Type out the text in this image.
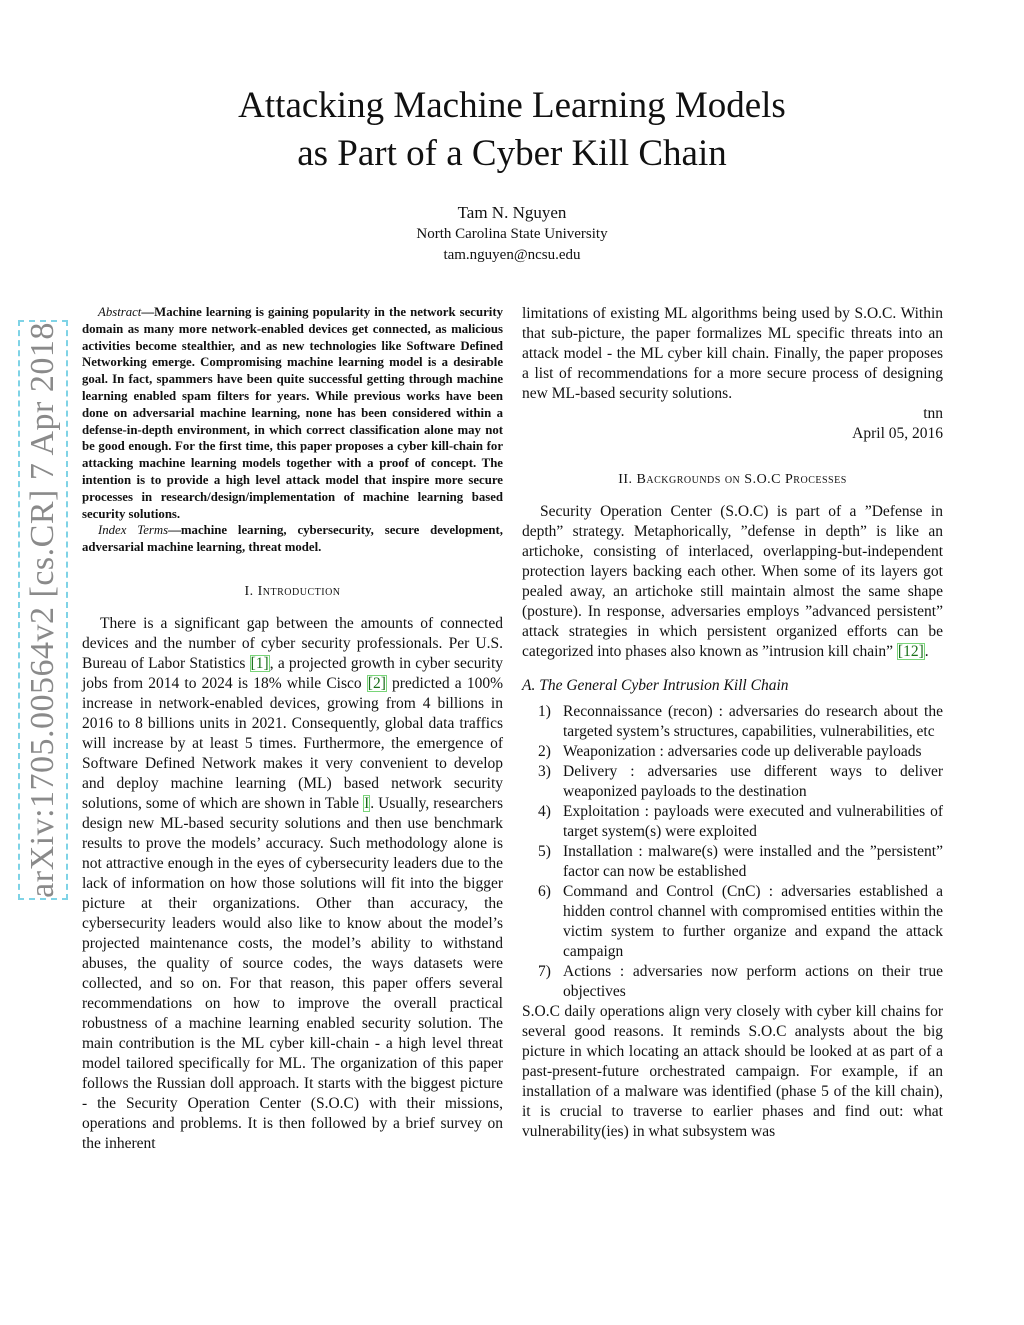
arXiv:1705.00564v2 [cs.CR] 7 Apr 2018
Attacking Machine Learning Models
as Part of a Cyber Kill Chain
Tam N. Nguyen
North Carolina State University
tam.nguyen@ncsu.edu

Abstract—Machine learning is gaining popularity in the network security domain as many more network-enabled devices get connected, as malicious activities become stealthier, and as new technologies like Software Defined Networking emerge. Compromising machine learning model is a desirable goal. In fact, spammers have been quite successful getting through machine learning enabled spam filters for years. While previous works have been done on adversarial machine learning, none has been considered within a defense-in-depth environment, in which correct classification alone may not be good enough. For the first time, this paper proposes a cyber kill-chain for attacking machine learning models together with a proof of concept. The intention is to provide a high level attack model that inspire more secure processes in research/design/implementation of machine learning based security solutions.

Index Terms—machine learning, cybersecurity, secure development, adversarial machine learning, threat model.

I. Introduction

There is a significant gap between the amounts of connected devices and the number of cyber security professionals. Per U.S. Bureau of Labor Statistics [1], a projected growth in cyber security jobs from 2014 to 2024 is 18% while Cisco [2] predicted a 100% increase in network-enabled devices, growing from 4 billions in 2016 to 8 billions units in 2021. Consequently, global data traffics will increase by at least 5 times. Furthermore, the emergence of Software Defined Network makes it very convenient to develop and deploy machine learning (ML) based network security solutions, some of which are shown in Table I. Usually, researchers design new ML-based security solutions and then use benchmark results to prove the models’ accuracy. Such methodology alone is not attractive enough in the eyes of cybersecurity leaders due to the lack of information on how those solutions will fit into the bigger picture at their organizations. Other than accuracy, the cybersecurity leaders would also like to know about the model’s projected maintenance costs, the model’s ability to withstand abuses, the quality of source codes, the ways datasets were collected, and so on. For that reason, this paper offers several recommendations on how to improve the overall practical robustness of a machine learning enabled security solution. The main contribution is the ML cyber kill-chain - a high level threat model tailored specifically for ML. The organization of this paper follows the Russian doll approach. It starts with the biggest picture - the Security Operation Center (S.O.C) with their missions, operations and problems. It is then followed by a brief survey on the inherent

limitations of existing ML algorithms being used by S.O.C. Within that sub-picture, the paper formalizes ML specific threats into an attack model - the ML cyber kill chain. Finally, the paper proposes a list of recommendations for a more secure process of designing new ML-based security solutions.

tnn
April 05, 2016
II. Backgrounds on S.O.C Processes

Security Operation Center (S.O.C) is part of a ”Defense in depth” strategy. Metaphorically, ”defense in depth” is like an artichoke, consisting of interlaced, overlapping-but-independent protection layers backing each other. When some of its layers got pealed away, an artichoke still maintain almost the same shape (posture). In response, adversaries employs ”advanced persistent” attack strategies in which persistent organized efforts can be categorized into phases also known as ”intrusion kill chain” [12].

A. The General Cyber Intrusion Kill Chain
1) Reconnaissance (recon) : adversaries do research about the targeted system’s structures, capabilities, vulnerabilities, etc
2) Weaponization : adversaries code up deliverable payloads
3) Delivery : adversaries use different ways to deliver weaponized payloads to the destination
4) Exploitation : payloads were executed and vulnerabilities of target system(s) were exploited
5) Installation : malware(s) were installed and the ”persistent” factor can now be established
6) Command and Control (CnC) : adversaries established a hidden control channel with compromised entities within the victim system to further organize and expand the attack campaign
7) Actions : adversaries now perform actions on their true objectives

S.O.C daily operations align very closely with cyber kill chains for several good reasons. It reminds S.O.C analysts about the big picture in which locating an attack should be looked at as part of a past-present-future orchestrated campaign. For example, if an installation of a malware was identified (phase 5 of the kill chain), it is crucial to traverse to earlier phases and find out: what vulnerability(ies) in what subsystem was
